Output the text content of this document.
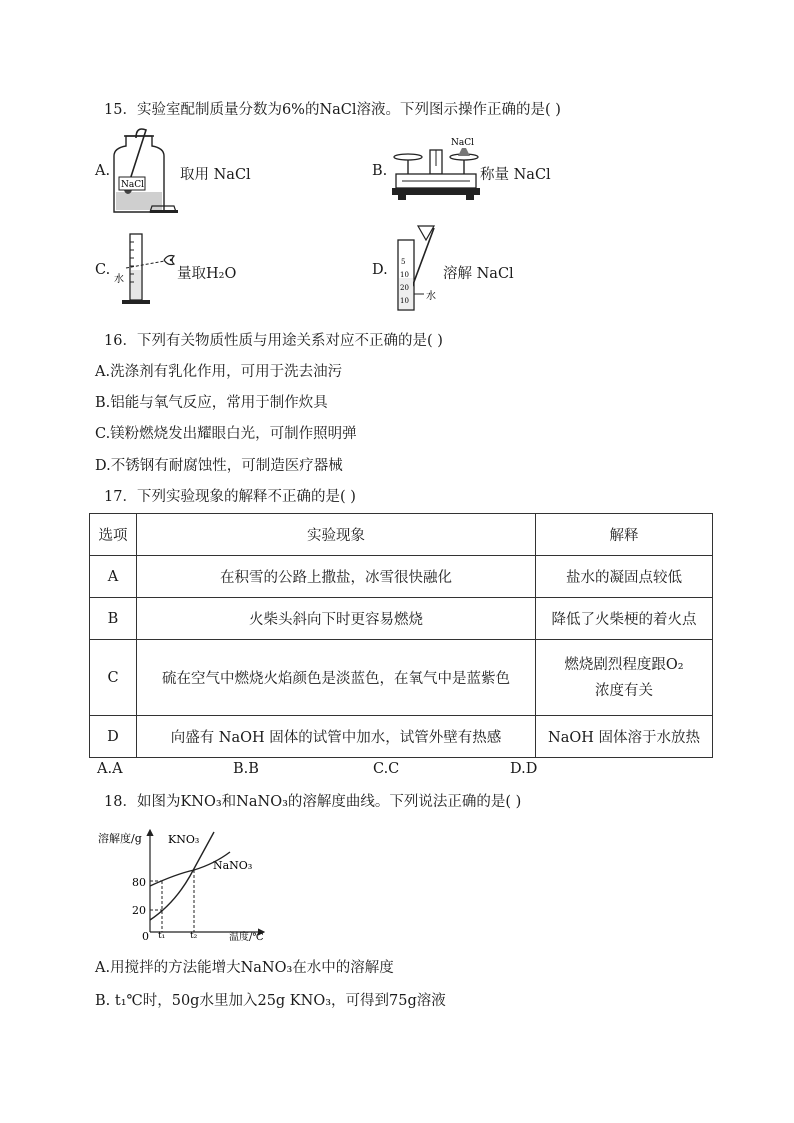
15．实验室配制质量分数为6%的NaCl溶液。下列图示操作正确的是( )
A.
NaCl
取用 NaCl	B.
NaCl
称量 NaCl
C.
水	量取H₂O	D. 5
10
20
10 水
溶解 NaCl
16．下列有关物质性质与用途关系对应不正确的是( )
A.洗涤剂有乳化作用，可用于洗去油污
B.铝能与氧气反应，常用于制作炊具
C.镁粉燃烧发出耀眼白光，可制作照明弹
D.不锈钢有耐腐蚀性，可制造医疗器械
17．下列实验现象的解释不正确的是( )
选项	实验现象	解释
A	在积雪的公路上撒盐，冰雪很快融化	盐水的凝固点较低
B	火柴头斜向下时更容易燃烧	降低了火柴梗的着火点
C	硫在空气中燃烧火焰颜色是淡蓝色，在氧气中是蓝紫色	燃烧剧烈程度跟O₂
浓度有关

D	向盛有 NaOH 固体的试管中加水，试管外壁有热感	NaOH 固体溶于水放热
A.A	B.B	C.C	D.D
18．如图为KNO₃和NaNO₃的溶解度曲线。下列说法正确的是( )
溶解度/g
温度/℃
KNO₃
NaNO₃
80
20
0 t₁	t₂
A.用搅拌的方法能增大NaNO₃在水中的溶解度
B. t₁℃时，50g水里加入25g KNO₃，可得到75g溶液
